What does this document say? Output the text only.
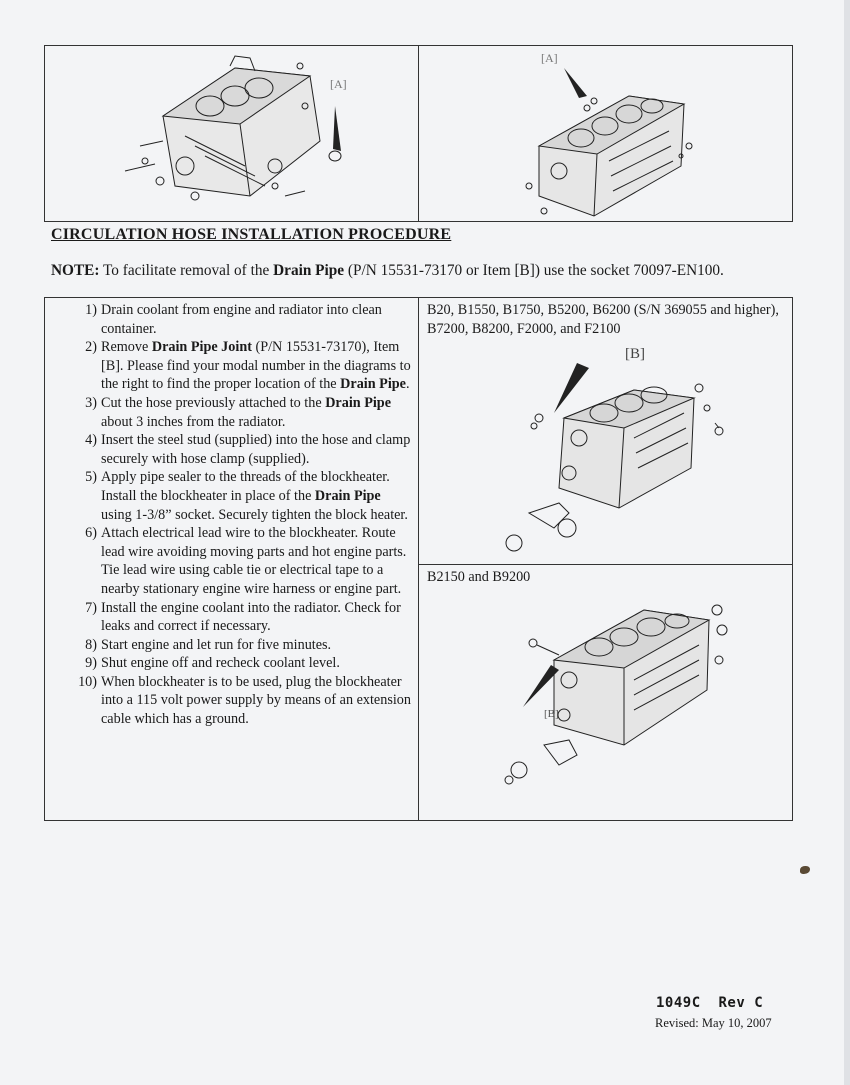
[A]
[A]
CIRCULATION HOSE INSTALLATION PROCEDURE
NOTE: To facilitate removal of the Drain Pipe (P/N 15531-73170 or Item [B]) use the socket 70097-EN100.
1) Drain coolant from engine and radiator into clean container.
2) Remove Drain Pipe Joint (P/N 15531-73170), Item [B]. Please find your modal number in the diagrams to the right to find the proper location of the Drain Pipe.
3) Cut the hose previously attached to the Drain Pipe about 3 inches from the radiator.
4) Insert the steel stud (supplied) into the hose and clamp securely with hose clamp (supplied).
5) Apply pipe sealer to the threads of the blockheater. Install the blockheater in place of the Drain Pipe using 1-3/8” socket. Securely tighten the block heater.
6) Attach electrical lead wire to the blockheater. Route lead wire avoiding moving parts and hot engine parts. Tie lead wire using cable tie or electrical tape to a nearby stationary engine wire harness or engine part.
7) Install the engine coolant into the radiator. Check for leaks and correct if necessary.
8) Start engine and let run for five minutes.
9) Shut engine off and recheck coolant level.
10) When blockheater is to be used, plug the blockheater into a 115 volt power supply by means of an extension cable which has a ground.
B20, B1550, B1750, B5200, B6200 (S/N 369055 and higher), B7200, B8200, F2000, and F2100
[B]
B2150 and B9200
[B]
1049C  Rev C
Revised: May 10, 2007
